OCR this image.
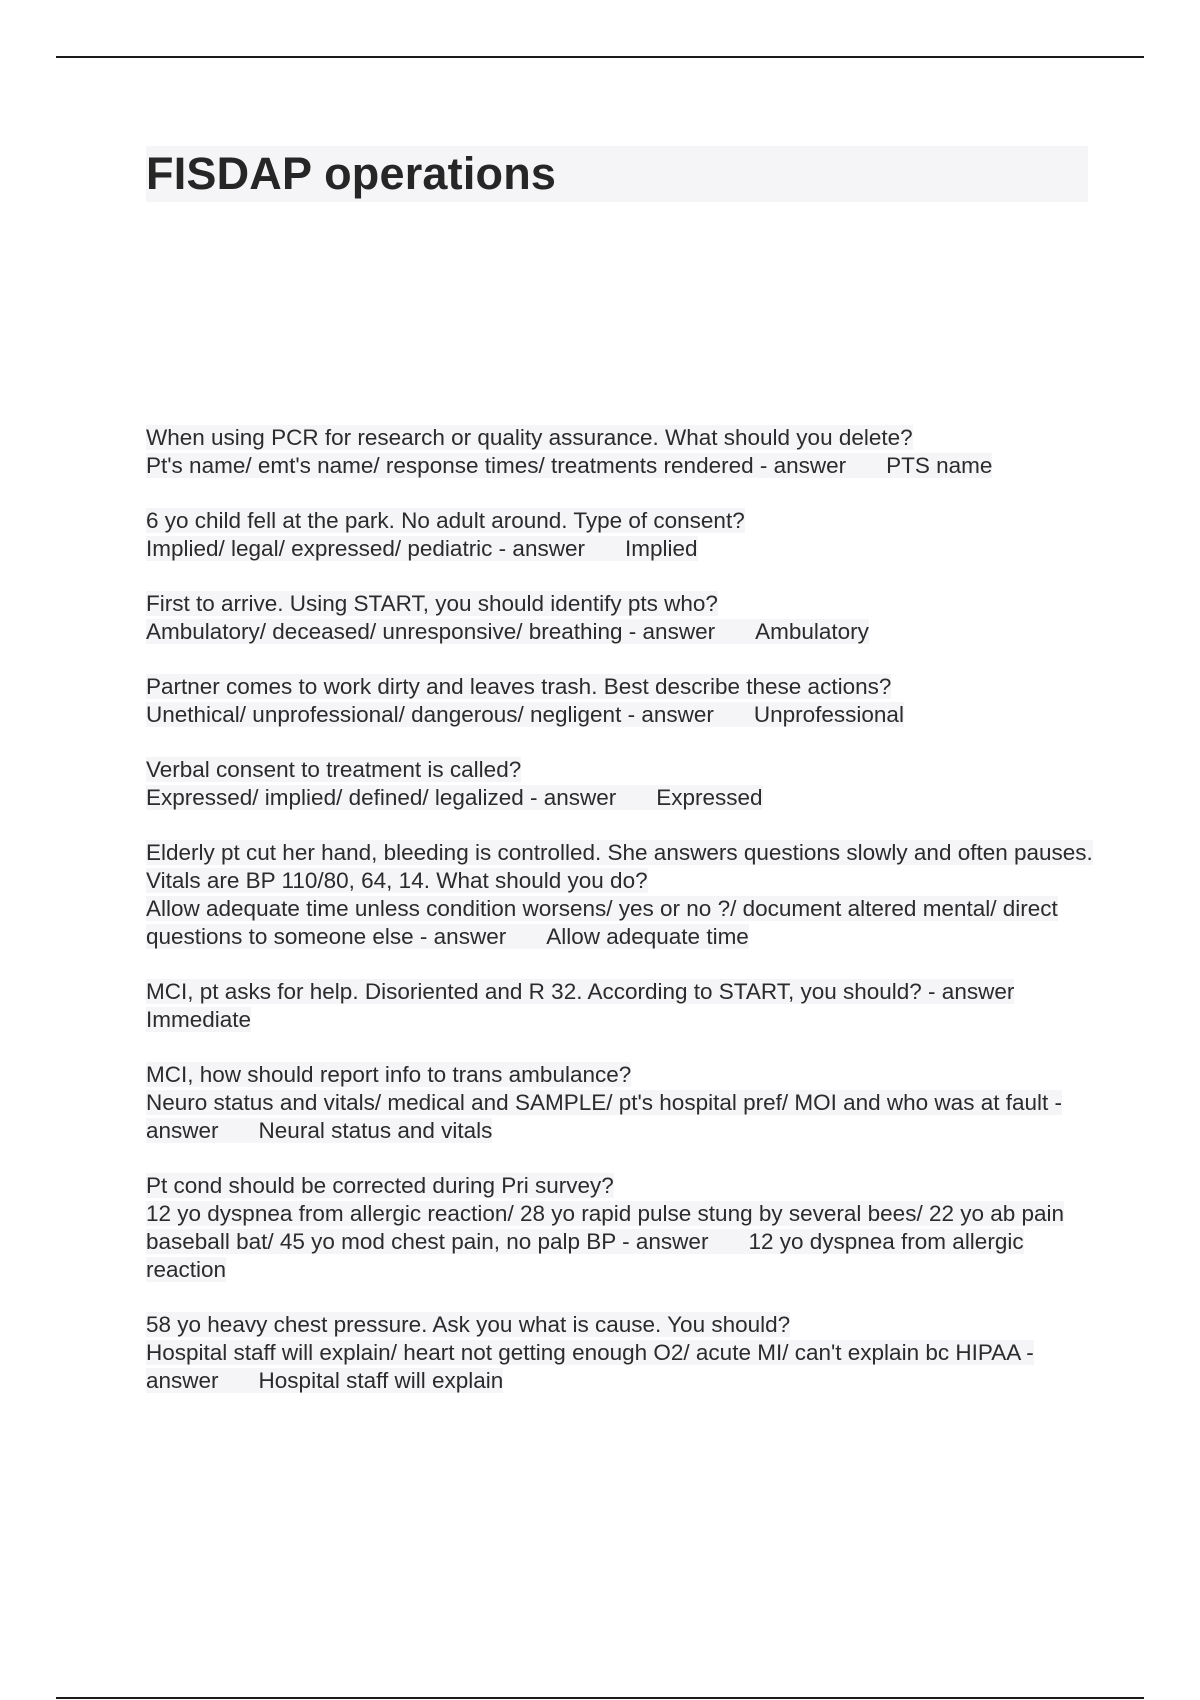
FISDAP operations
When using PCR for research or quality assurance. What should you delete?
Pt's name/ emt's name/ response times/ treatments rendered - answer PTS name
6 yo child fell at the park. No adult around. Type of consent?
Implied/ legal/ expressed/ pediatric - answer Implied
First to arrive. Using START, you should identify pts who?
Ambulatory/ deceased/ unresponsive/ breathing - answer Ambulatory
Partner comes to work dirty and leaves trash. Best describe these actions?
Unethical/ unprofessional/ dangerous/ negligent - answer Unprofessional
Verbal consent to treatment is called?
Expressed/ implied/ defined/ legalized - answer Expressed
Elderly pt cut her hand, bleeding is controlled. She answers questions slowly and often pauses. Vitals are BP 110/80, 64, 14. What should you do?
Allow adequate time unless condition worsens/ yes or no ?/ document altered mental/ direct questions to someone else - answer Allow adequate time
MCI, pt asks for help. Disoriented and R 32. According to START, you should? - answer
Immediate
MCI, how should report info to trans ambulance?
Neuro status and vitals/ medical and SAMPLE/ pt's hospital pref/ MOI and who was at fault - answer Neural status and vitals
Pt cond should be corrected during Pri survey?
12 yo dyspnea from allergic reaction/ 28 yo rapid pulse stung by several bees/ 22 yo ab pain baseball bat/ 45 yo mod chest pain, no palp BP - answer 12 yo dyspnea from allergic reaction
58 yo heavy chest pressure. Ask you what is cause. You should?
Hospital staff will explain/ heart not getting enough O2/ acute MI/ can't explain bc HIPAA - answer Hospital staff will explain
